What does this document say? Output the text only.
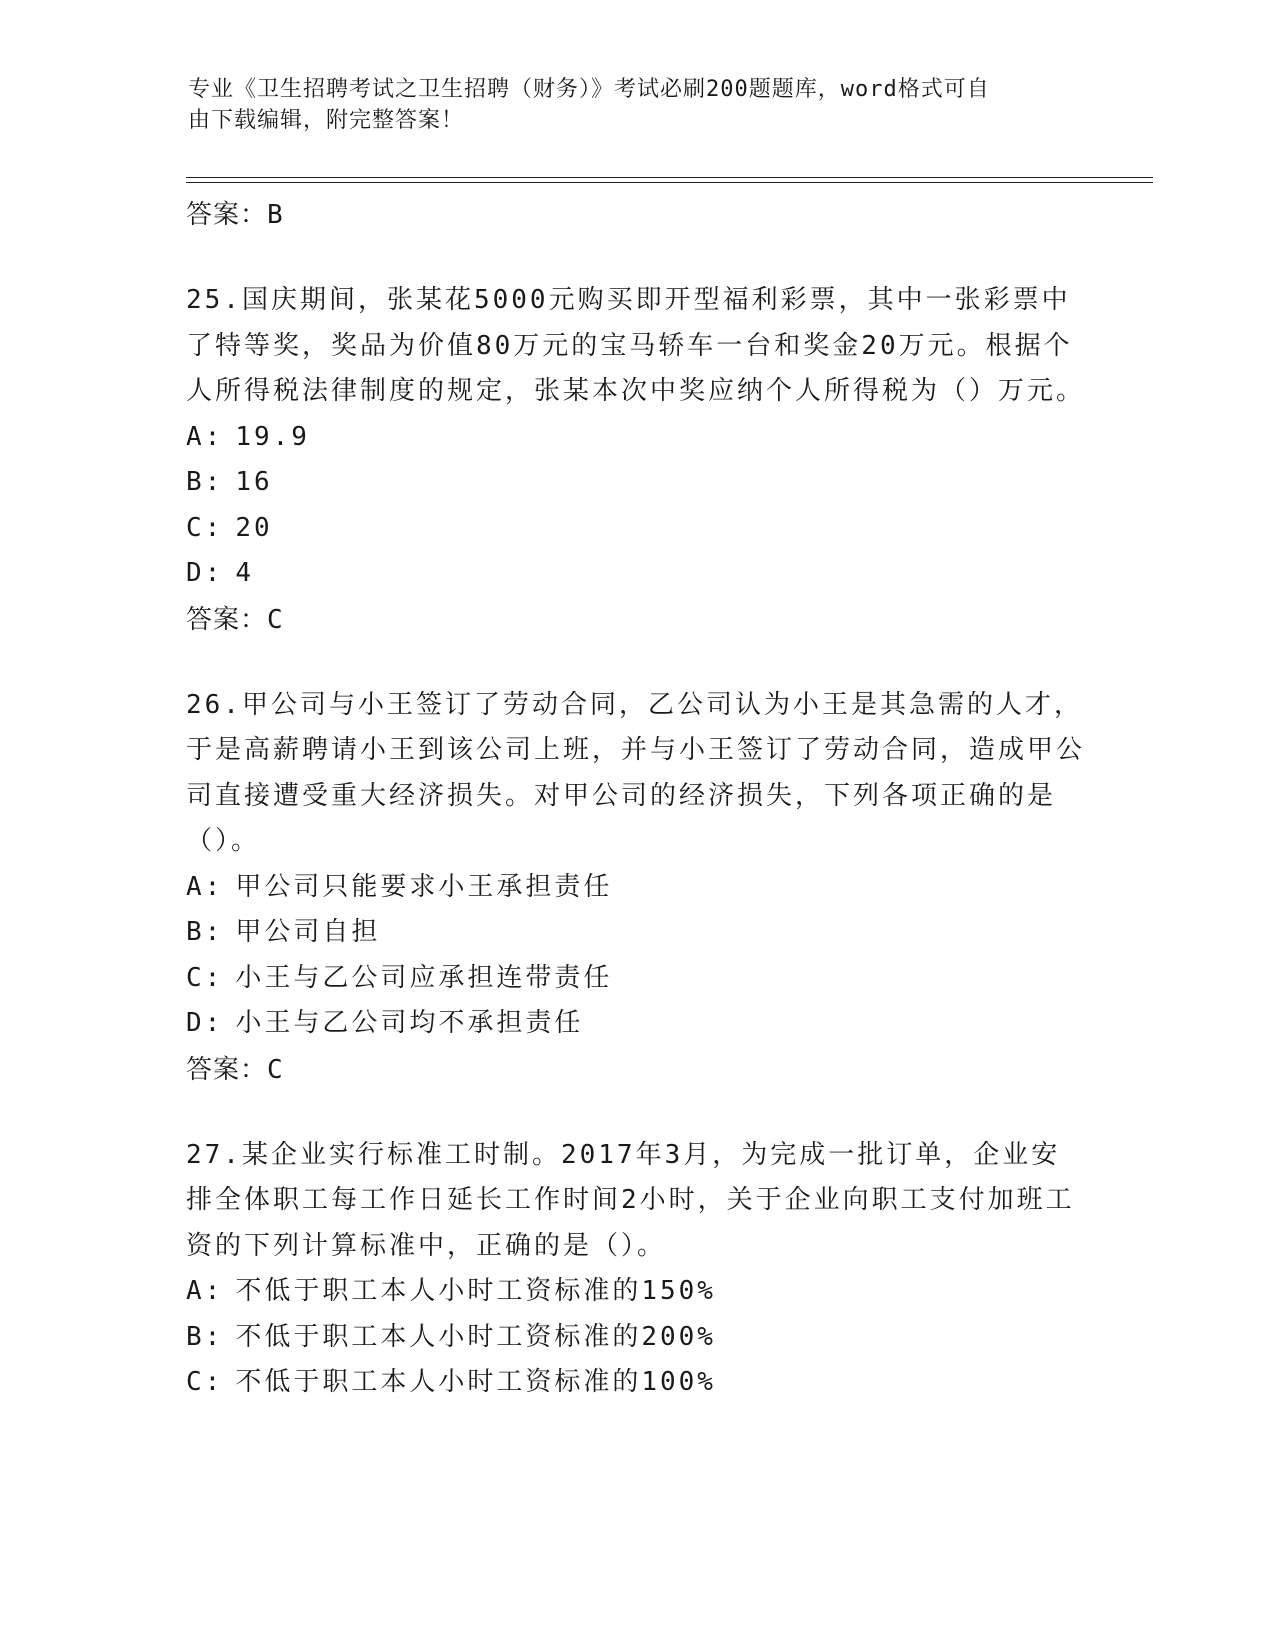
专业《卫生招聘考试之卫生招聘（财务）》考试必刷200题题库，word格式可自
由下载编辑，附完整答案！
答案：B

25.国庆期间，张某花5000元购买即开型福利彩票，其中一张彩票中了特等奖，奖品为价值80万元的宝马轿车一台和奖金20万元。根据个人所得税法律制度的规定，张某本次中奖应纳个人所得税为（）万元。

A: 19.9
B: 16
C: 20
D: 4
答案：C

26.甲公司与小王签订了劳动合同，乙公司认为小王是其急需的人才，于是高薪聘请小王到该公司上班，并与小王签订了劳动合同，造成甲公司直接遭受重大经济损失。对甲公司的经济损失，下列各项正确的是（）。

A: 甲公司只能要求小王承担责任
B: 甲公司自担
C: 小王与乙公司应承担连带责任
D: 小王与乙公司均不承担责任
答案：C

27.某企业实行标准工时制。2017年3月，为完成一批订单，企业安排全体职工每工作日延长工作时间2小时，关于企业向职工支付加班工资的下列计算标准中，正确的是（）。

A: 不低于职工本人小时工资标准的150%
B: 不低于职工本人小时工资标准的200%
C: 不低于职工本人小时工资标准的100%
